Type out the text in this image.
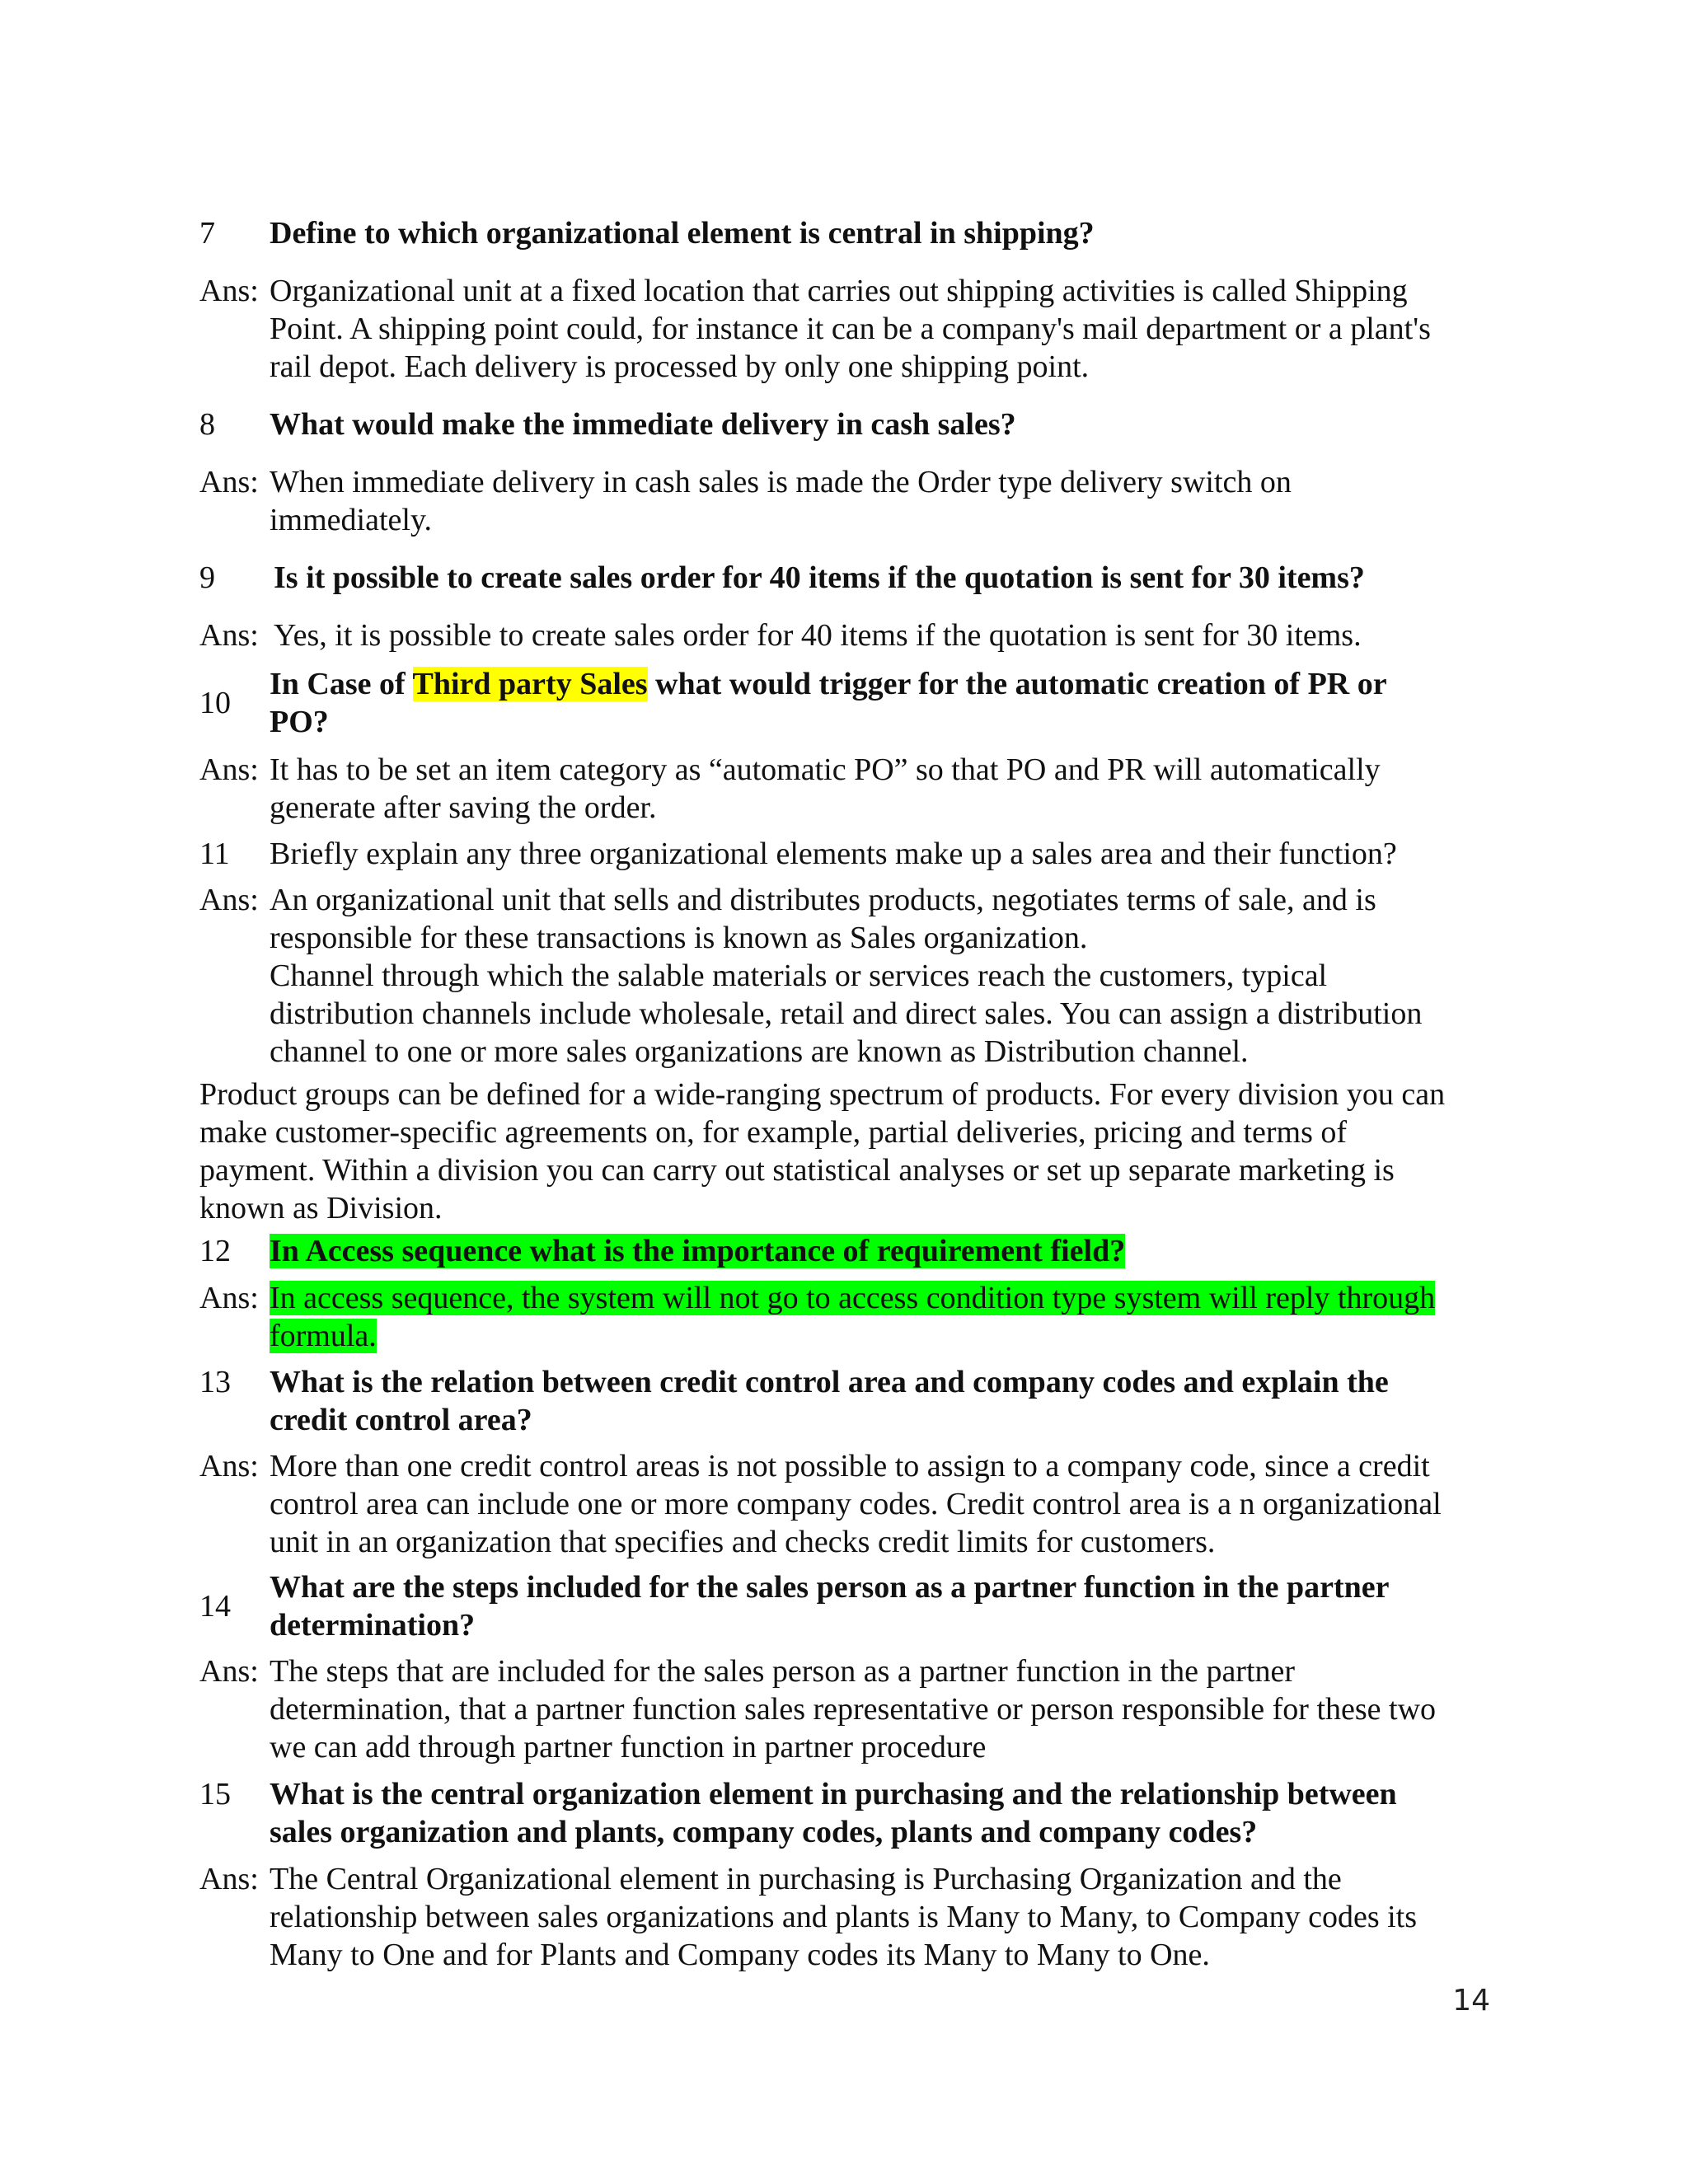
7	Define to which organizational element is central in shipping?
Ans: Organizational unit at a fixed location that carries out shipping activities is called Shipping
Point. A shipping point could, for instance it can be a company's mail department or a plant's
rail depot. Each delivery is processed by only one shipping point.
8	What would make the immediate delivery in cash sales?
Ans: When immediate delivery in cash sales is made the Order type delivery switch on
immediately.
9	Is it possible to create sales order for 40 items if the quotation is sent for 30 items?
Ans: Yes, it is possible to create sales order for 40 items if the quotation is sent for 30 items.
10
In Case of Third party Sales what would trigger for the automatic creation of PR or
PO?
Ans: It has to be set an item category as “automatic PO” so that PO and PR will automatically
generate after saving the order.
11	Briefly explain any three organizational elements make up a sales area and their function?
Ans: An organizational unit that sells and distributes products, negotiates terms of sale, and is
responsible for these transactions is known as Sales organization.
Channel through which the salable materials or services reach the customers, typical
distribution channels include wholesale, retail and direct sales. You can assign a distribution
channel to one or more sales organizations are known as Distribution channel.
Product groups can be defined for a wide-ranging spectrum of products. For every division you can
make customer-specific agreements on, for example, partial deliveries, pricing and terms of
payment. Within a division you can carry out statistical analyses or set up separate marketing is
known as Division.
12	In Access sequence what is the importance of requirement field?
Ans: In access sequence, the system will not go to access condition type system will reply through
formula.
13	What is the relation between credit control area and company codes and explain the
credit control area?
Ans: More than one credit control areas is not possible to assign to a company code, since a credit
control area can include one or more company codes. Credit control area is a n organizational
unit in an organization that specifies and checks credit limits for customers.
14
What are the steps included for the sales person as a partner function in the partner
determination?
Ans: The steps that are included for the sales person as a partner function in the partner
determination, that a partner function sales representative or person responsible for these two
we can add through partner function in partner procedure
15	What is the central organization element in purchasing and the relationship between
sales organization and plants, company codes, plants and company codes?
Ans: The Central Organizational element in purchasing is Purchasing Organization and the
relationship between sales organizations and plants is Many to Many, to Company codes its
Many to One and for Plants and Company codes its Many to Many to One.
14
